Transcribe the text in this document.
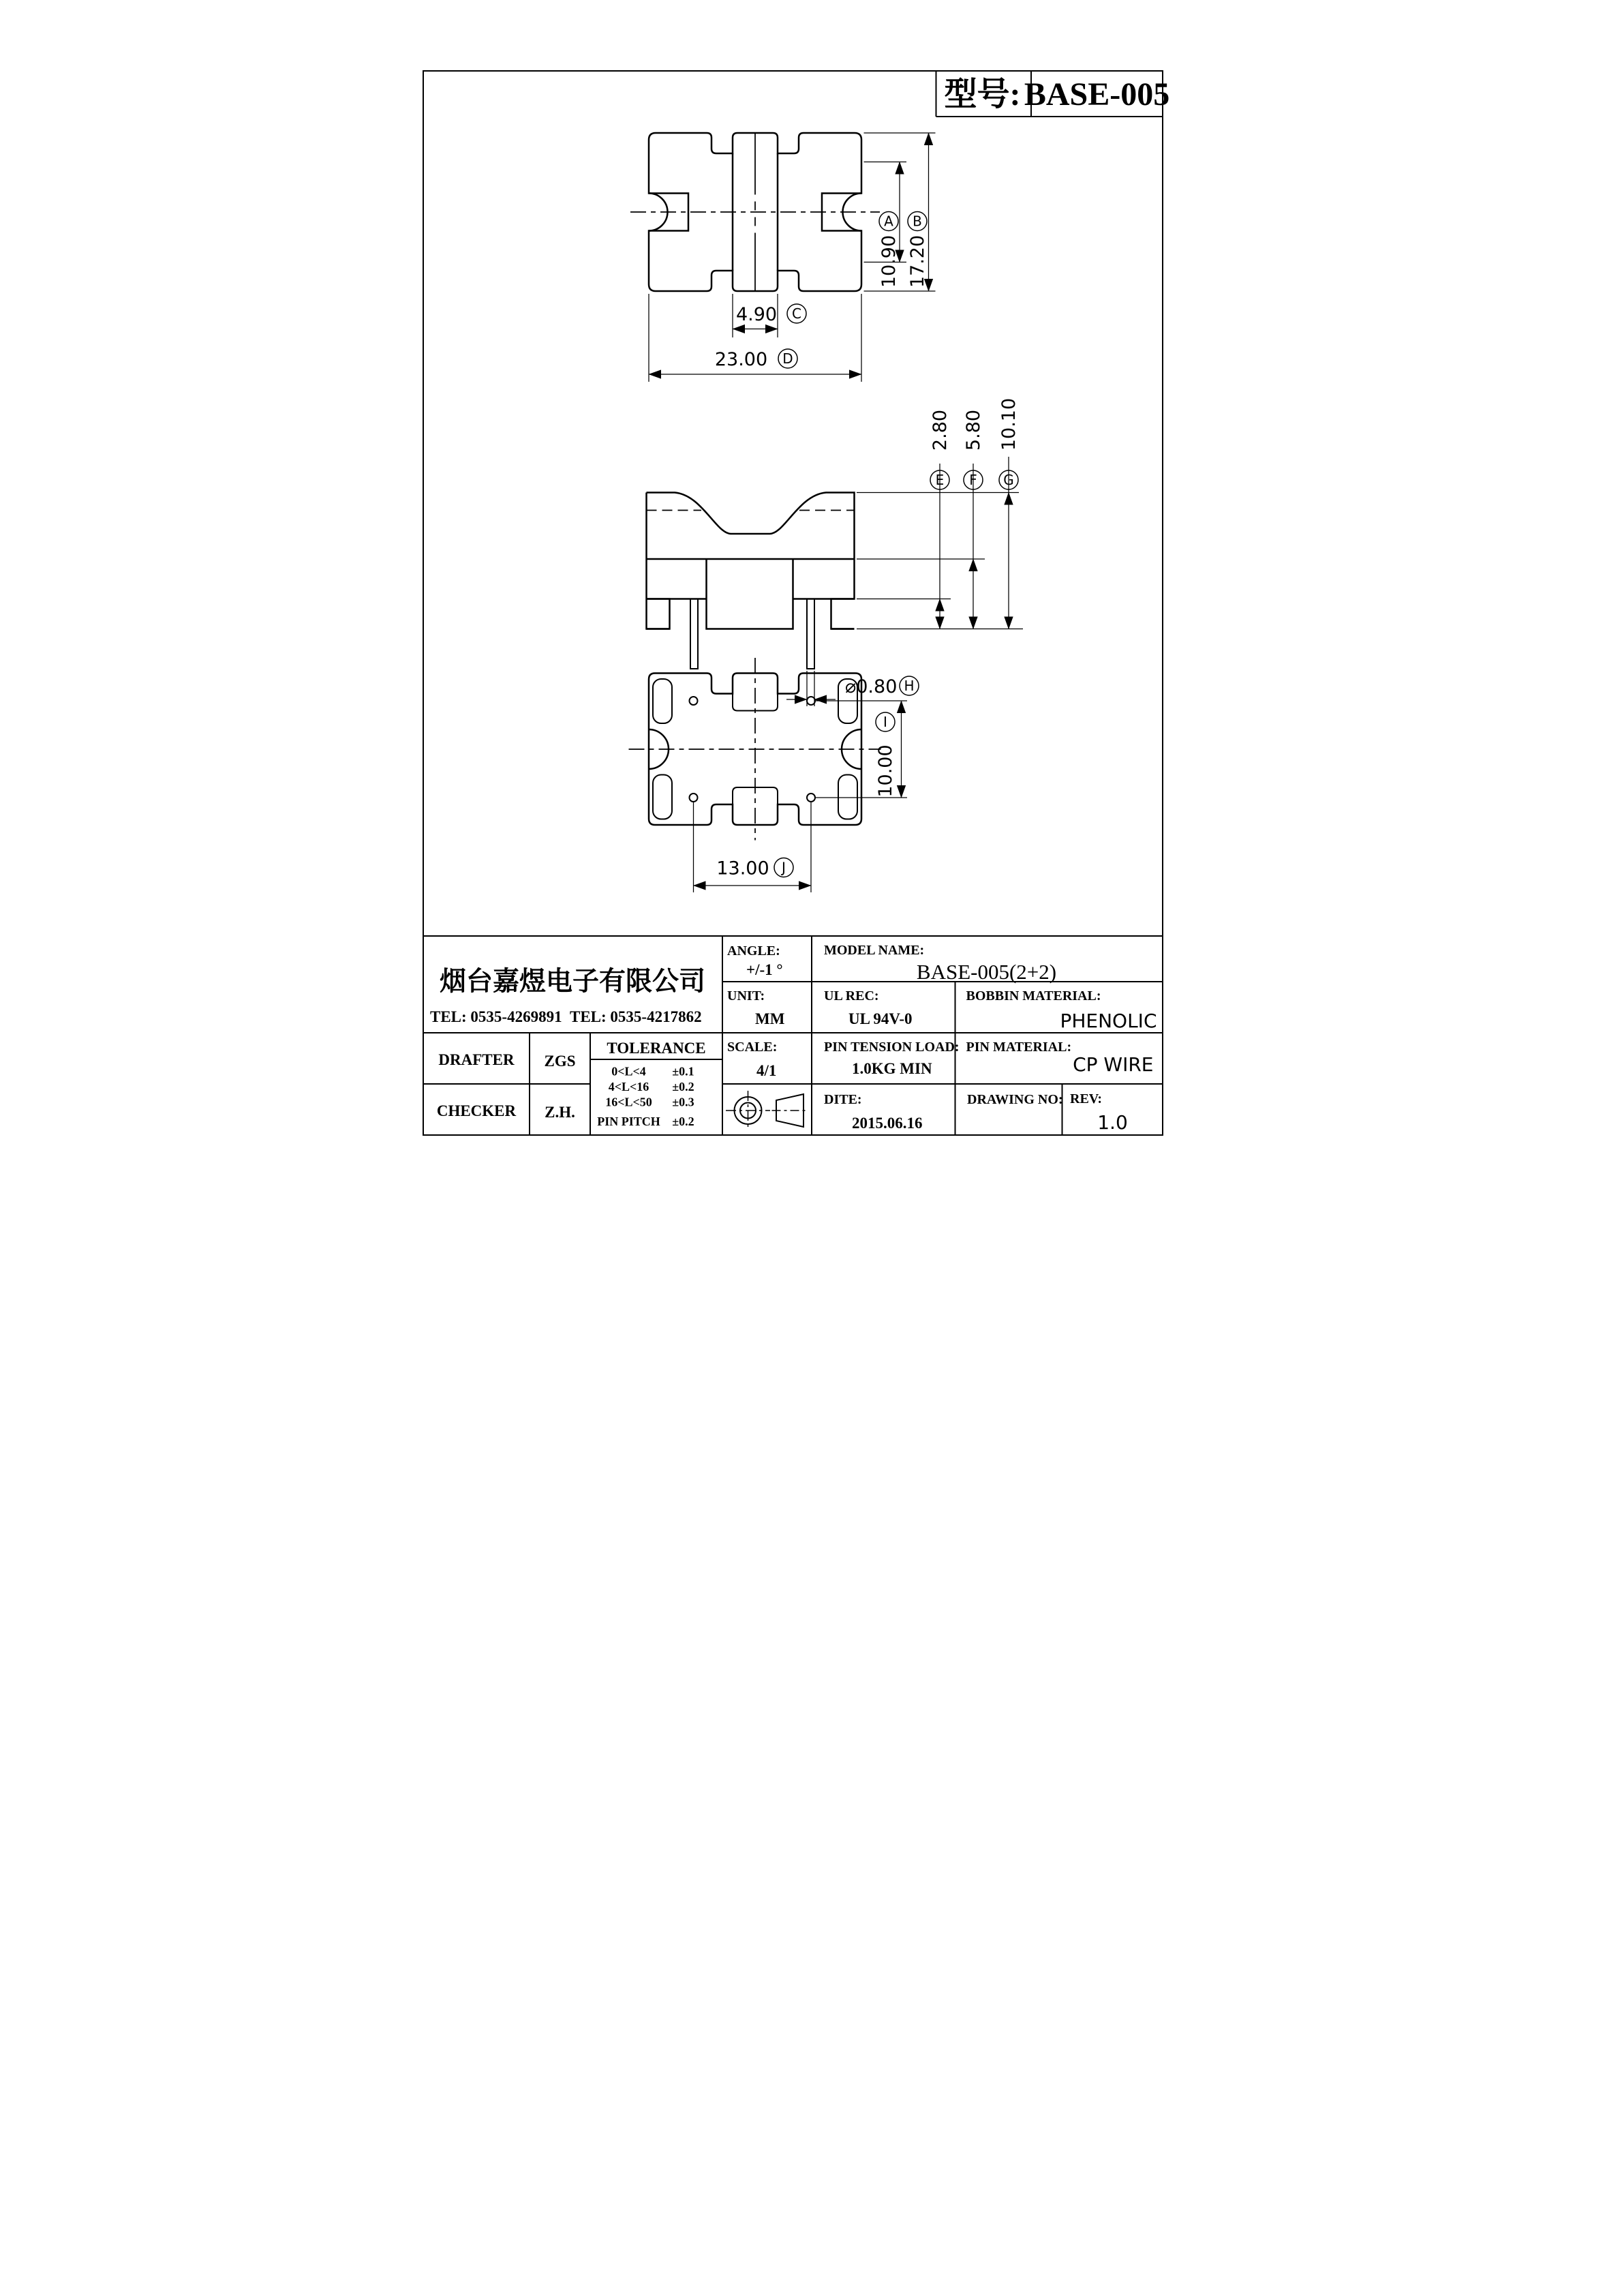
型号: BASE-005
10.90
A
17.20
B
4.90 C
23.00 D
2.80 5.80 10.10
E F G
⌀0.80 H
10.00
I
13.00 J
烟台嘉煜电子有限公司
TEL: 0535-4269891 TEL: 0535-4217862
ANGLE:
+/-1 °
UNIT:
MM
SCALE:
4/1
MODEL NAME:
BASE-005(2+2)
UL REC:
UL 94V-0
PIN TENSION LOAD:
1.0KG MIN
DITE:
2015.06.16
BOBBIN MATERIAL:
PHENOLIC
PIN MATERIAL:
CP WIRE
DRAWING NO: REV:
1.0
DRAFTER ZGS
CHECKER Z.H.
TOLERANCE
0<L<4 ±0.1
4<L<16 ±0.2
16<L<50 ±0.3
PIN PITCH ±0.2
